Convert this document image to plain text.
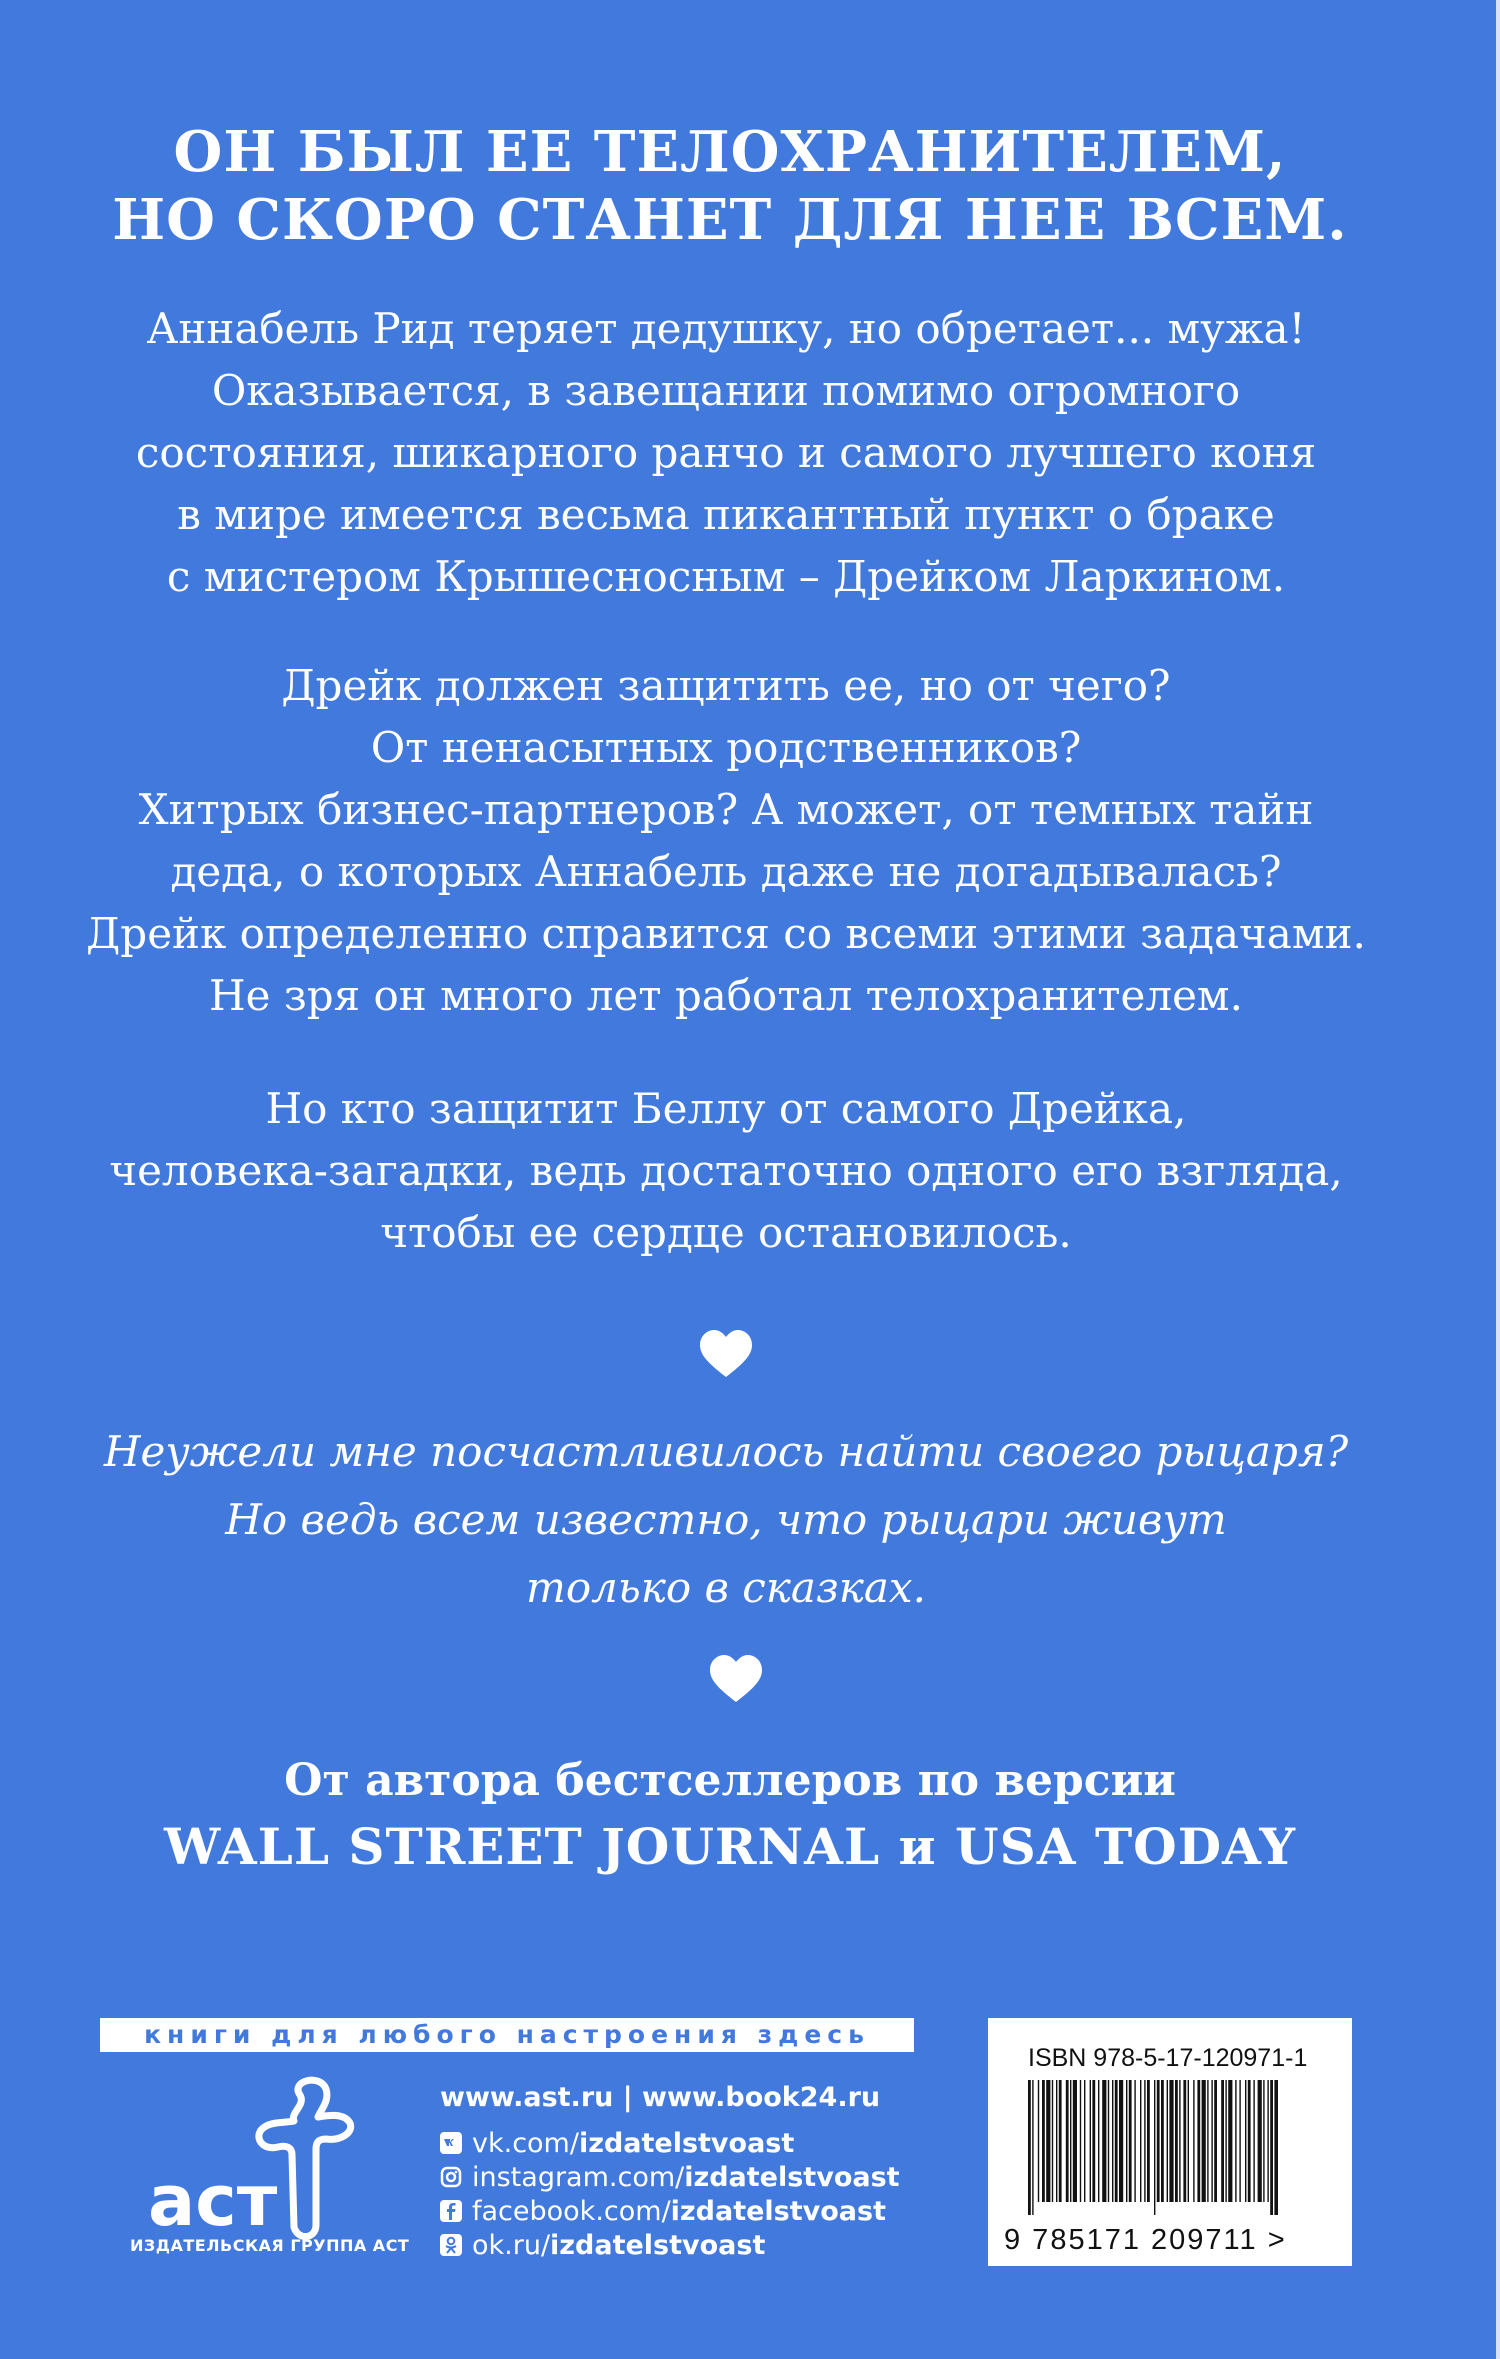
ОН БЫЛ ЕЕ ТЕЛОХРАНИТЕЛЕМ,
НО СКОРО СТАНЕТ ДЛЯ НЕЕ ВСЕМ.

Аннабель Рид теряет дедушку, но обретает... мужа!
Оказывается, в завещании помимо огромного
состояния, шикарного ранчо и самого лучшего коня
в мире имеется весьма пикантный пункт о браке
с мистером Крышесносным – Дрейком Ларкином.

Дрейк должен защитить ее, но от чего?
От ненасытных родственников?
Хитрых бизнес-партнеров? А может, от темных тайн
деда, о которых Аннабель даже не догадывалась?
Дрейк определенно справится со всеми этими задачами.
Не зря он много лет работал телохранителем.

Но кто защитит Беллу от самого Дрейка,
человека-загадки, ведь достаточно одного его взгляда,
чтобы ее сердце остановилось.

Неужели мне посчастливилось найти своего рыцаря?
Но ведь всем известно, что рыцари живут
только в сказках.

От автора бестселлеров по версии
WALL STREET JOURNAL и USA TODAY
книги для любого настроения здесь
аст
ИЗДАТЕЛЬСКАЯ ГРУППА АСТ
www.ast.ru | www.book24.ru
vk.com/ izdatelstvoast
instagram.com/ izdatelstvoast
facebook.com/ izdatelstvoast
ok.ru/ izdatelstvoast
ISBN 978-5-17-120971-1
9 785171 209711 >
